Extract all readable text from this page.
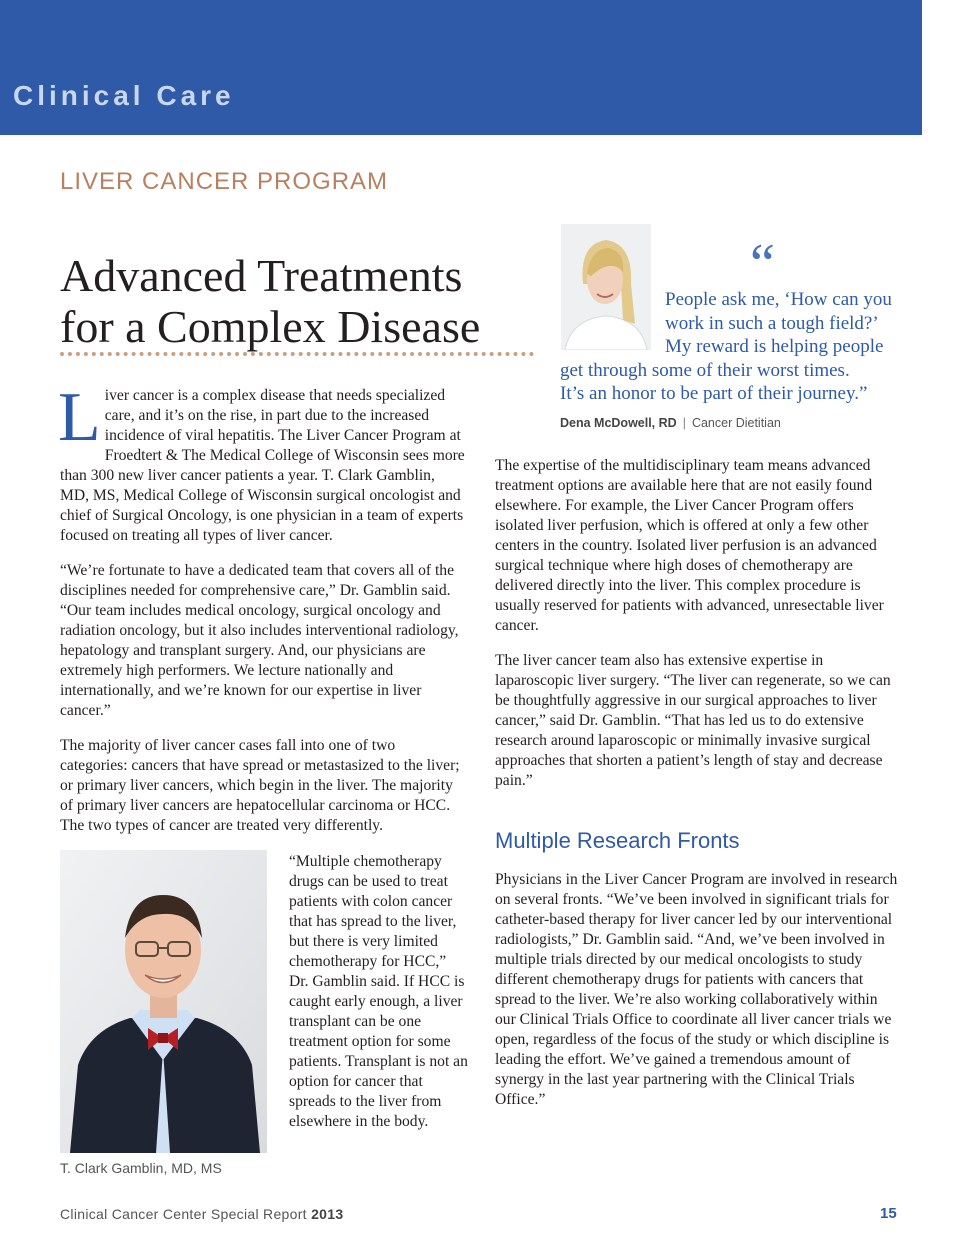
Clinical Care
LIVER CANCER PROGRAM
Advanced Treatments
for a Complex Disease

Liver cancer is a complex disease that needs specialized care, and it’s on the rise, in part due to the increased incidence of viral hepatitis. The Liver Cancer Program at Froedtert & The Medical College of Wisconsin sees more than 300 new liver cancer patients a year. T. Clark Gamblin, MD, MS, Medical College of Wisconsin surgical oncologist and chief of Surgical Oncology, is one physician in a team of experts focused on treating all types of liver cancer.

“We’re fortunate to have a dedicated team that covers all of the disciplines needed for comprehensive care,” Dr. Gamblin said. “Our team includes medical oncology, surgical oncology and radiation oncology, but it also includes interventional radiology, hepatology and transplant surgery. And, our physicians are extremely high performers. We lecture nationally and internationally, and we’re known for our expertise in liver cancer.”

The majority of liver cancer cases fall into one of two categories: cancers that have spread or metastasized to the liver; or primary liver cancers, which begin in the liver. The majority of primary liver cancers are hepatocellular carcinoma or HCC. The two types of cancer are treated very differently.

T. Clark Gamblin, MD, MS

“Multiple chemotherapy drugs can be used to treat patients with colon cancer that has spread to the liver, but there is very limited chemotherapy for HCC,” Dr. Gamblin said. If HCC is caught early enough, a liver transplant can be one treatment option for some patients. Transplant is not an option for cancer that spreads to the liver from elsewhere in the body.

“
People ask me, ‘How can you
work in such a tough field?’
My reward is helping people
get through some of their worst times.
It’s an honor to be part of their journey.”
Dena McDowell, RD | Cancer Dietitian

The expertise of the multidisciplinary team means advanced treatment options are available here that are not easily found elsewhere. For example, the Liver Cancer Program offers isolated liver perfusion, which is offered at only a few other centers in the country. Isolated liver perfusion is an advanced surgical technique where high doses of chemotherapy are delivered directly into the liver. This complex procedure is usually reserved for patients with advanced, unresectable liver cancer.

The liver cancer team also has extensive expertise in laparoscopic liver surgery. “The liver can regenerate, so we can be thoughtfully aggressive in our surgical approaches to liver cancer,” said Dr. Gamblin. “That has led us to do extensive research around laparoscopic or minimally invasive surgical approaches that shorten a patient’s length of stay and decrease pain.”

Multiple Research Fronts

Physicians in the Liver Cancer Program are involved in research on several fronts. “We’ve been involved in significant trials for catheter-based therapy for liver cancer led by our interventional radiologists,” Dr. Gamblin said. “And, we’ve been involved in multiple trials directed by our medical oncologists to study different chemotherapy drugs for patients with cancers that spread to the liver. We’re also working collaboratively within our Clinical Trials Office to coordinate all liver cancer trials we open, regardless of the focus of the study or which discipline is leading the effort. We’ve gained a tremendous amount of synergy in the last year partnering with the Clinical Trials Office.”

Clinical Cancer Center Special Report 2013	15
